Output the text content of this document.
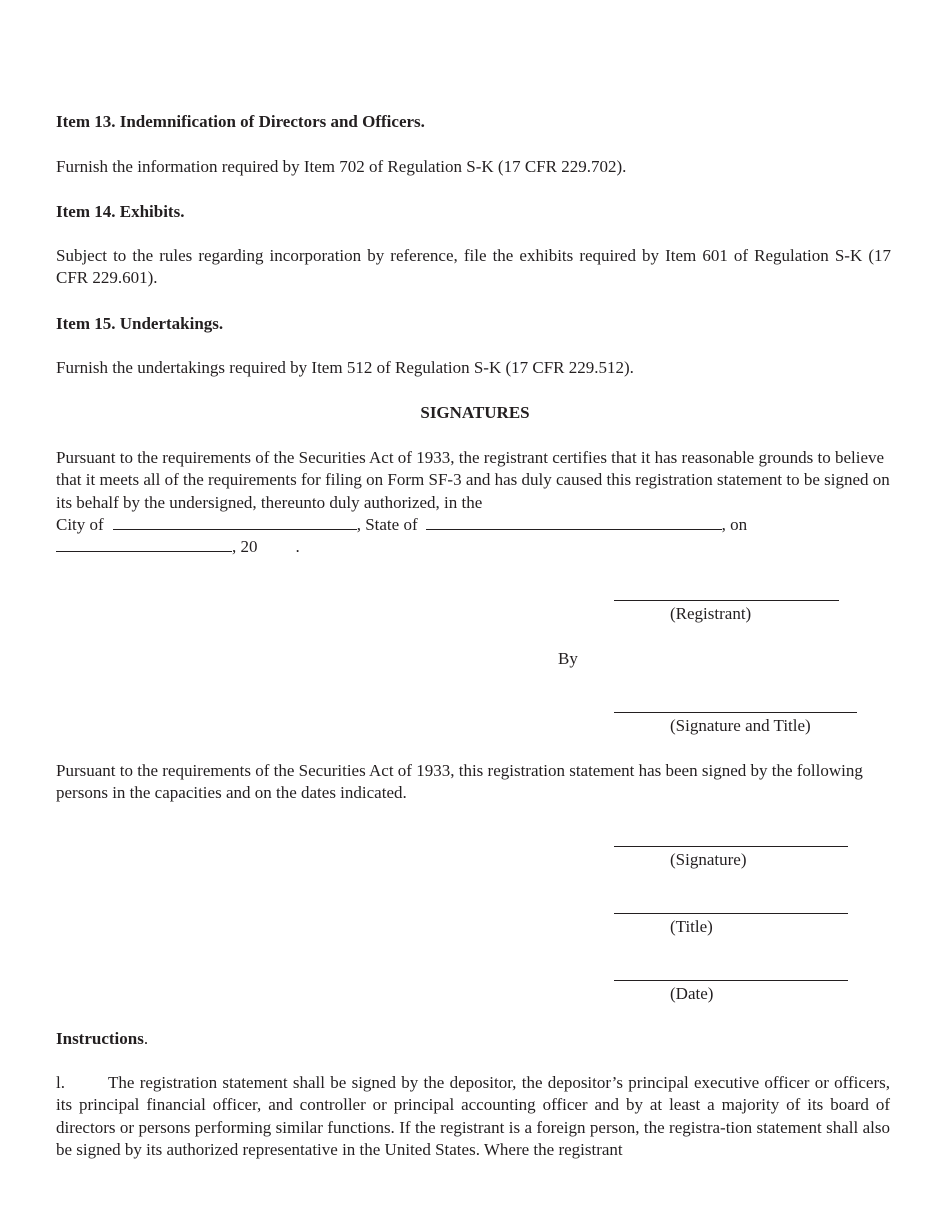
Item 13. Indemnification of Directors and Officers.
Furnish the information required by Item 702 of Regulation S-K (17 CFR 229.702).
Item 14. Exhibits.
Subject to the rules regarding incorporation by reference, file the exhibits required by Item 601 of Regulation S-K (17 CFR 229.601).
Item 15. Undertakings.
Furnish the undertakings required by Item 512 of Regulation S-K (17 CFR 229.512).
SIGNATURES
Pursuant to the requirements of the Securities Act of 1933, the registrant certifies that it has reasonable grounds to believe that it meets all of the requirements for filing on Form SF-3 and has duly caused this registration statement to be signed on its behalf by the undersigned, thereunto duly authorized, in the
City of	, State of	, on
, 20 .
(Registrant)
By
(Signature and Title)
Pursuant to the requirements of the Securities Act of 1933, this registration statement has been signed by the following persons in the capacities and on the dates indicated.
(Signature)
(Title)
(Date)
Instructions.
l.	The registration statement shall be signed by the depositor, the depositor’s principal executive officer or officers, its principal financial officer, and controller or principal accounting officer and by at least a majority of its board of directors or persons performing similar functions. If the registrant is a foreign person, the registra-tion statement shall also be signed by its authorized representative in the United States. Where the registrant
